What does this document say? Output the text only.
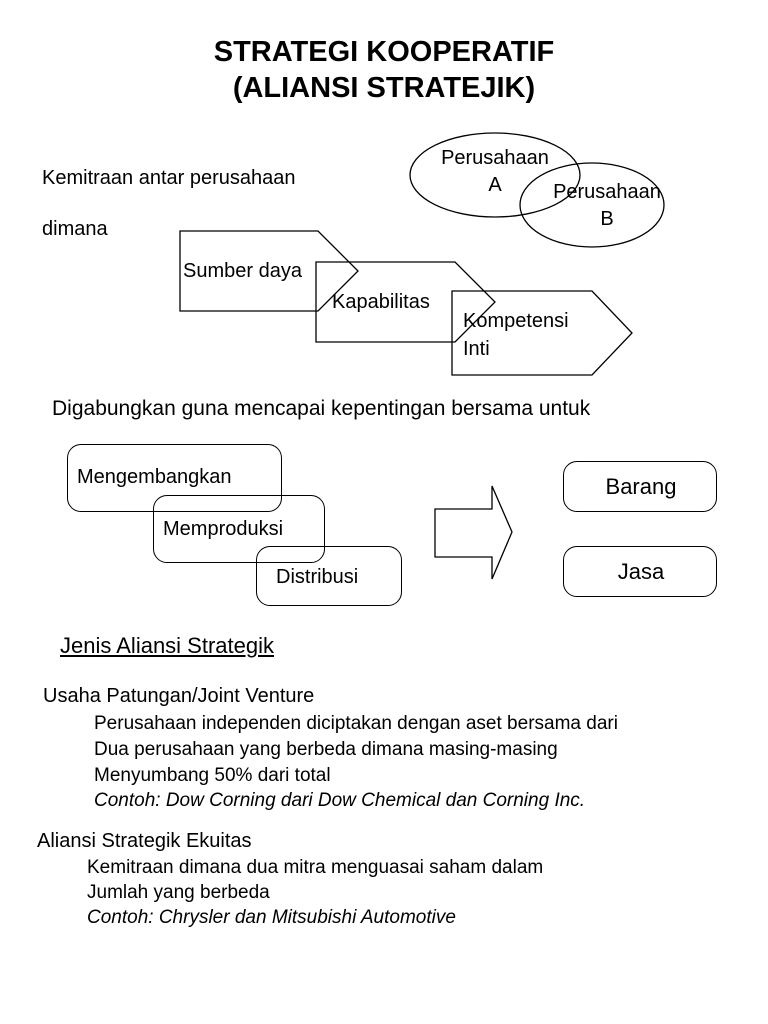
STRATEGI KOOPERATIF
(ALIANSI STRATEJIK)
Kemitraan antar perusahaan
dimana
Perusahaan
A	Perusahaan
B
Sumber daya
Kapabilitas
Kompetensi
Inti
Digabungkan guna mencapai kepentingan bersama untuk
Mengembangkan
Memproduksi
Distribusi
Barang
Jasa
Jenis Aliansi Strategik
Usaha Patungan/Joint Venture
Perusahaan independen diciptakan dengan aset bersama dari
Dua perusahaan yang berbeda dimana masing-masing
Menyumbang 50% dari total
Contoh: Dow Corning dari Dow Chemical dan Corning Inc.
Aliansi Strategik Ekuitas
Kemitraan dimana dua mitra menguasai saham dalam
Jumlah yang berbeda
Contoh: Chrysler dan Mitsubishi Automotive
